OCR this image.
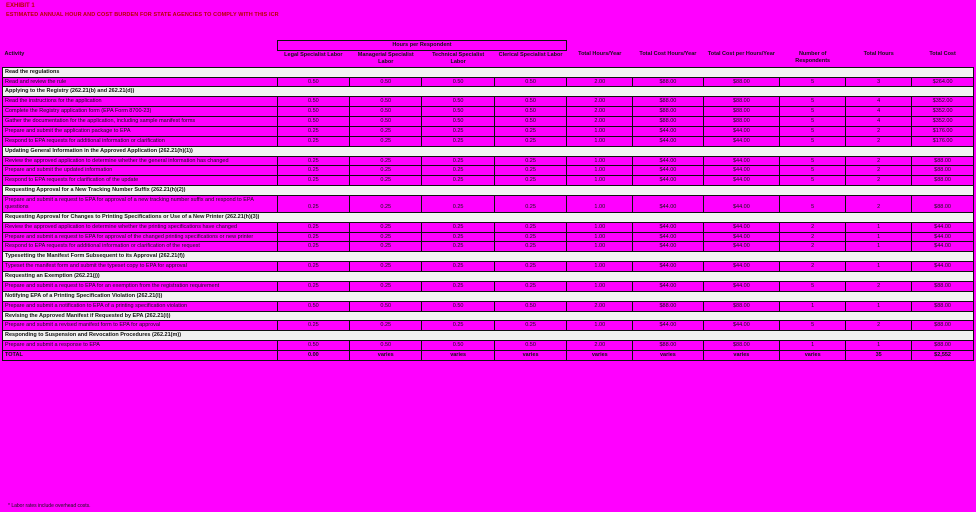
EXHIBIT 1
ESTIMATED ANNUAL HOUR AND COST BURDEN FOR STATE AGENCIES TO COMPLY WITH THIS ICR
	Hours per Respondent									
Activity	Legal Specialist Labor	Managerial Specialist Labor	Technical Specialist Labor	Clerical Specialist Labor	Total Hours/Year	Total Cost Hours/Year	Total Cost per Hours/Year	Number of Respondents	Total Hours	Total Cost
Read the regulations										
Read and review the rule	0.50	0.50	0.50	0.50	2.00	$88.00	$88.00	5	3	$264.00
Applying to the Registry (262.21(b) and 262.21(d))										
Read the instructions for the application	0.50	0.50	0.50	0.50	2.00	$88.00	$88.00	5	4	$352.00
Complete the Registry application form (EPA Form 8700-23)	0.50	0.50	0.50	0.50	2.00	$88.00	$88.00	5	4	$352.00
Gather the documentation for the application, including sample manifest forms	0.50	0.50	0.50	0.50	2.00	$88.00	$88.00	5	4	$352.00
Prepare and submit the application package to EPA	0.25	0.25	0.25	0.25	1.00	$44.00	$44.00	5	2	$176.00
Respond to EPA requests for additional information or clarification	0.25	0.25	0.25	0.25	1.00	$44.00	$44.00	5	2	$176.00
Updating General Information in the Approved Application (262.21(h)(1))										
Review the approved application to determine whether the general information has changed	0.25	0.25	0.25	0.25	1.00	$44.00	$44.00	5	2	$88.00
Prepare and submit the updated information	0.25	0.25	0.25	0.25	1.00	$44.00	$44.00	5	2	$88.00
Respond to EPA requests for clarification of the update	0.25	0.25	0.25	0.25	1.00	$44.00	$44.00	5	2	$88.00
Requesting Approval for a New Tracking Number Suffix (262.21(h)(2))										
Prepare and submit a request to EPA for approval of a new tracking number suffix and respond to EPA questions	0.25	0.25	0.25	0.25	1.00	$44.00	$44.00	5	2	$88.00
Requesting Approval for Changes to Printing Specifications or Use of a New Printer (262.21(h)(3))										
Review the approved application to determine whether the printing specifications have changed	0.25	0.25	0.25	0.25	1.00	$44.00	$44.00	2	1	$44.00
Prepare and submit a request to EPA for approval of the changed printing specifications or new printer	0.25	0.25	0.25	0.25	1.00	$44.00	$44.00	2	1	$44.00
Respond to EPA requests for additional information or clarification of the request	0.25	0.25	0.25	0.25	1.00	$44.00	$44.00	2	1	$44.00
Typesetting the Manifest Form Subsequent to its Approval (262.21(f))										
Typeset the manifest form and submit the typeset copy to EPA for approval	0.25	0.25	0.25	0.25	1.00	$44.00	$44.00	2	1	$44.00
Requesting an Exemption (262.21(j))										
Prepare and submit a request to EPA for an exemption from the registration requirement	0.25	0.25	0.25	0.25	1.00	$44.00	$44.00	5	2	$88.00
Notifying EPA of a Printing Specification Violation (262.21(l))										
Prepare and submit a notification to EPA of a printing specification violation	0.50	0.50	0.50	0.50	2.00	$88.00	$88.00	1	1	$88.00
Revising the Approved Manifest if Requested by EPA (262.21(i))										
Prepare and submit a revised manifest form to EPA for approval	0.25	0.25	0.25	0.25	1.00	$44.00	$44.00	5	2	$88.00
Responding to Suspension and Revocation Procedures (262.21(m))										
Prepare and submit a response to EPA	0.50	0.50	0.50	0.50	2.00	$88.00	$88.00	1	1	$88.00
TOTAL	0.00	varies	varies	varies	varies	varies	varies	varies	35	$2,552
* Labor rates include overhead costs.
